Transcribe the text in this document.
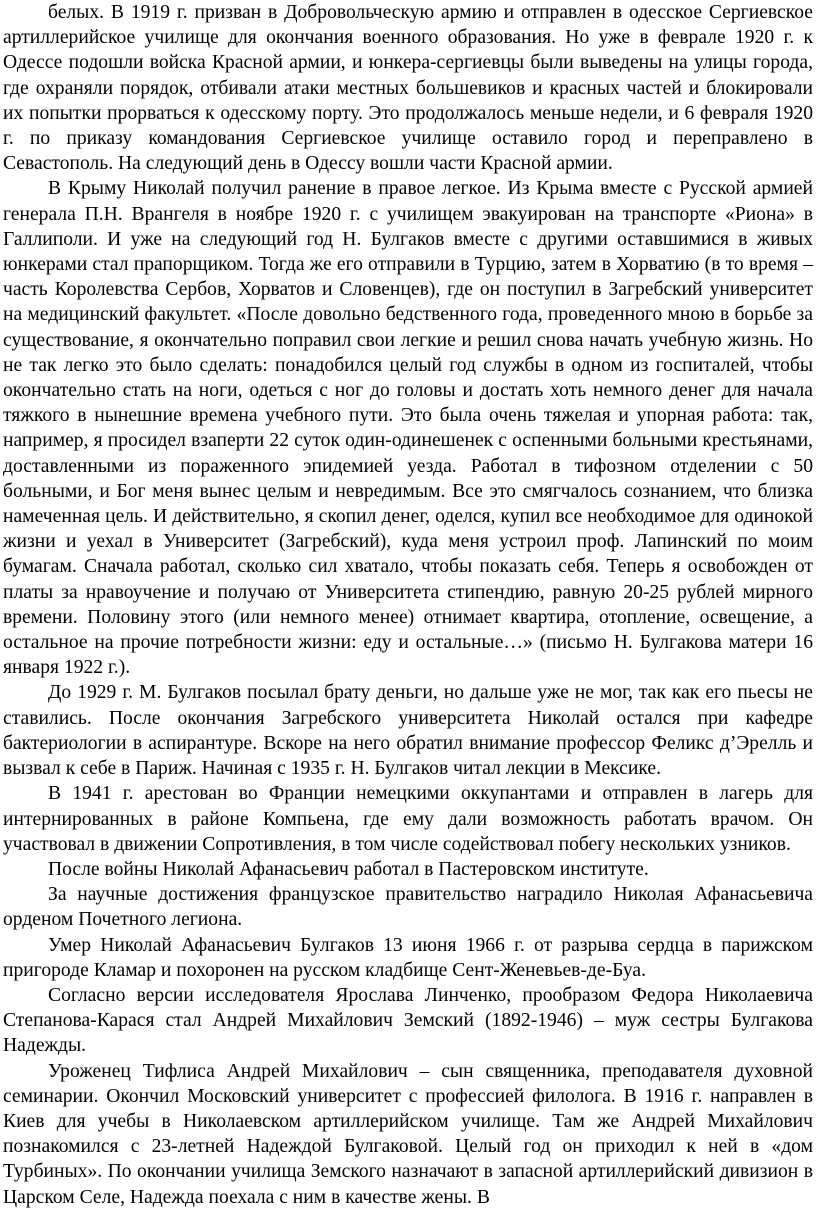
белых. В 1919 г. призван в Добровольческую армию и отправлен в одесское Сергиевское артиллерийское училище для окончания военного образования. Но уже в феврале 1920 г. к Одессе подошли войска Красной армии, и юнкера-сергиевцы были выведены на улицы города, где охраняли порядок, отбивали атаки местных большевиков и красных частей и блокировали их попытки прорваться к одесскому порту. Это продолжалось меньше недели, и 6 февраля 1920 г. по приказу командования Сергиевское училище оставило город и переправлено в Севастополь. На следующий день в Одессу вошли части Красной армии.

В Крыму Николай получил ранение в правое легкое. Из Крыма вместе с Русской армией генерала П.Н. Врангеля в ноябре 1920 г. с училищем эвакуирован на транспорте «Риона» в Галлиполи. И уже на следующий год Н. Булгаков вместе с другими оставшимися в живых юнкерами стал прапорщиком. Тогда же его отправили в Турцию, затем в Хорватию (в то время – часть Королевства Сербов, Хорватов и Словенцев), где он поступил в Загребский университет на медицинский факультет. «После довольно бедственного года, проведенного мною в борьбе за существование, я окончательно поправил свои легкие и решил снова начать учебную жизнь. Но не так легко это было сделать: понадобился целый год службы в одном из госпиталей, чтобы окончательно стать на ноги, одеться с ног до головы и достать хоть немного денег для начала тяжкого в нынешние времена учебного пути. Это была очень тяжелая и упорная работа: так, например, я просидел взаперти 22 суток один-одинешенек с оспенными больными крестьянами, доставленными из пораженного эпидемией уезда. Работал в тифозном отделении с 50 больными, и Бог меня вынес целым и невредимым. Все это смягчалось сознанием, что близка намеченная цель. И действительно, я скопил денег, оделся, купил все необходимое для одинокой жизни и уехал в Университет (Загребский), куда меня устроил проф. Лапинский по моим бумагам. Сначала работал, сколько сил хватало, чтобы показать себя. Теперь я освобожден от платы за нравоучение и получаю от Университета стипендию, равную 20-25 рублей мирного времени. Половину этого (или немного менее) отнимает квартира, отопление, освещение, а остальное на прочие потребности жизни: еду и остальные…» (письмо Н. Булгакова матери 16 января 1922 г.).

До 1929 г. М. Булгаков посылал брату деньги, но дальше уже не мог, так как его пьесы не ставились. После окончания Загребского университета Николай остался при кафедре бактериологии в аспирантуре. Вскоре на него обратил внимание профессор Феликс д’Эрелль и вызвал к себе в Париж. Начиная с 1935 г. Н. Булгаков читал лекции в Мексике.

В 1941 г. арестован во Франции немецкими оккупантами и отправлен в лагерь для интернированных в районе Компьена, где ему дали возможность работать врачом. Он участвовал в движении Сопротивления, в том числе содействовал побегу нескольких узников.

После войны Николай Афанасьевич работал в Пастеровском институте.

За научные достижения французское правительство наградило Николая Афанасьевича орденом Почетного легиона.

Умер Николай Афанасьевич Булгаков 13 июня 1966 г. от разрыва сердца в парижском пригороде Кламар и похоронен на русском кладбище Сент-Женевьев-де-Буа.

Согласно версии исследователя Ярослава Линченко, прообразом Федора Николаевича Степанова-Карася стал Андрей Михайлович Земский (1892-1946) – муж сестры Булгакова Надежды.

Уроженец Тифлиса Андрей Михайлович – сын священника, преподавателя духовной семинарии. Окончил Московский университет с профессией филолога. В 1916 г. направлен в Киев для учебы в Николаевском артиллерийском училище. Там же Андрей Михайлович познакомился с 23-летней Надеждой Булгаковой. Целый год он приходил к ней в «дом Турбиных». По окончании училища Земского назначают в запасной артиллерийский дивизион в Царском Селе, Надежда поехала с ним в качестве жены. В
